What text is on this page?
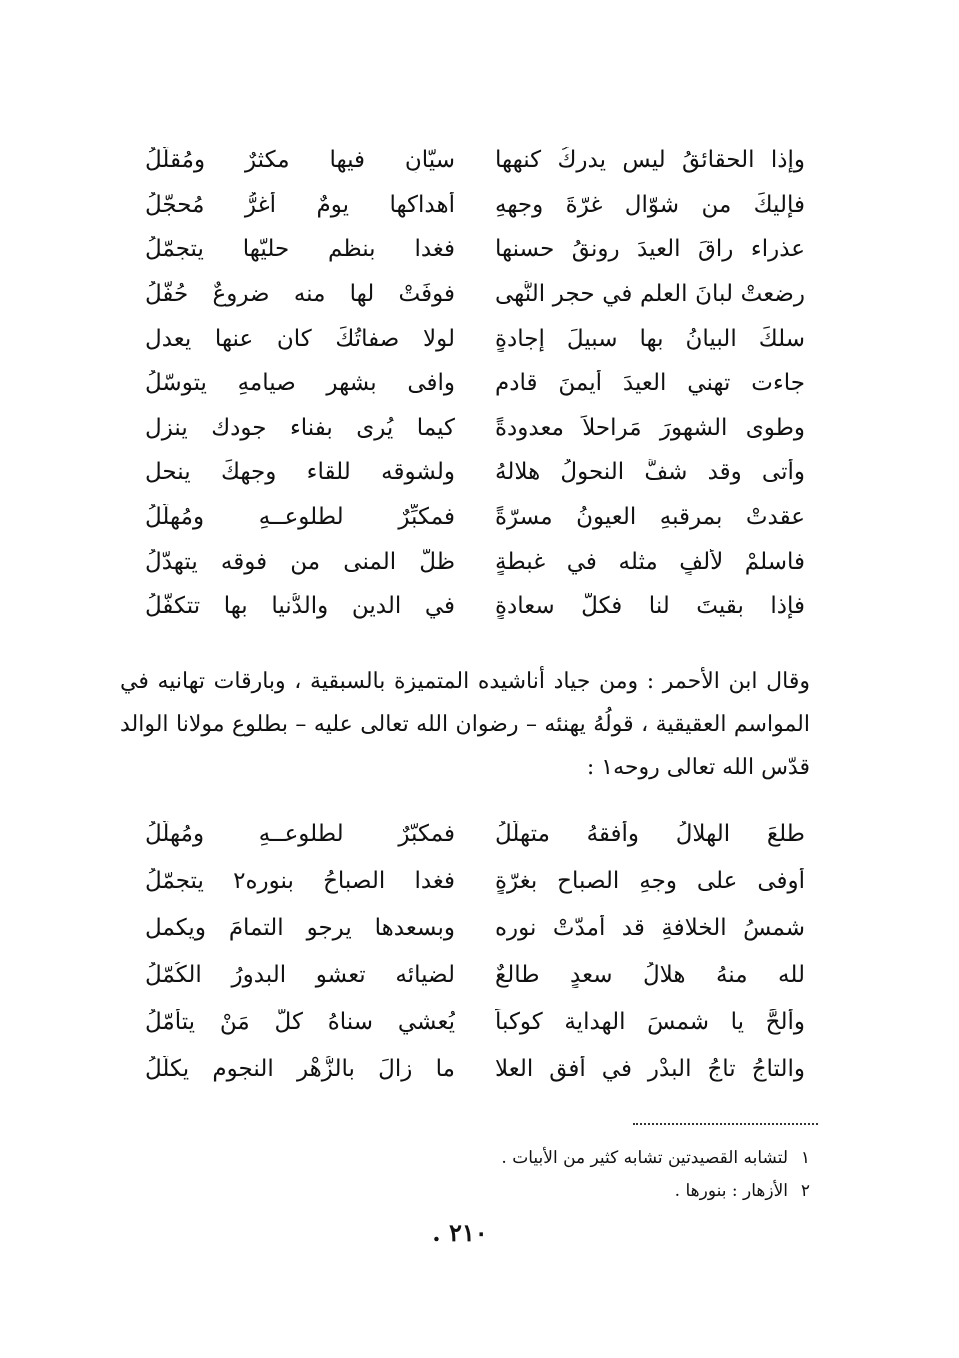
وإذا الحقائقُ ليس يدركُ كنهها
سيّانِ فيها مكثرٌ ومُقلّلُ
فإليكَ من شوّال غرّةَ وجههِ
أهداكها يومٌ أغرُّ مُحجّلُ
عذراء راقَ العيدَ رونقُ حسنها
فغدا بنظمِ حليّها يتجمّلُ
رضعتْ لبانَ العلم في حجر النُّهى
فوفَتْ لها منه ضروعٌ حُفّلُ
سلكَ البيانُ بها سبيلَ إجادةٍ
لولا صفاتُكَ كان عنها يعدل
جاءت تهني العيدَ أيمنَ قادمٍ
وافى بشهرِ صيامهِ يتوسّلُ
وطوى الشهورَ مَراحلاً معدودةً
كيما يُرى بفناء جودك ينزل
وأتى وقد شفَّ النحولُ هلالهُ
ولشوقه للقاء وجهكَ ينحل
عقدتْ بمرقبهِ العيونُ مسرّةً
فمكبِّرٌ لطلوعــهِ ومُهلّلُ
فاسلمْ لألفٍ مثله في غبطةٍ
ظلّ المنى من فوقه يتهدّلُ
فإذا بقيتَ لنا فكلٌّ سعادةٍ
في الدينِ والدُّنيا بها تتكفّلُ
وقال ابن الأحمر : ومن جياد أناشيده المتميزة بالسبقية ، وبارقات تهانيه في
المواسم العقيقية ، قولُهُ يهنئه – رضوان الله تعالى عليه – بطلوع مولانا الوالد
قدّس الله تعالى روحه١ :
طلعَ الهلالُ وأُفقهُ متهلّلُ
فمكبّرٌ لطلوعــهِ ومُهلّلُ
أوفى على وجهِ الصباحِ بغرّةٍ
فغدا الصباحُ بنوره٢ يتجمّلُ
شمسُ الخلافةِ قد أمدّتْ نوره
وبسعدها يرجو التمامَ ويكمل
لله منهُ هلالُ سعدٍ طالعٌ
لضيائه تعشو البدورُ الكُمّلُ
وألحَّ يا شمسَ الهداية كوكباً
يُعشي سناهُ كلَّ مَنْ يتأمّلُ
والتاجُ تاجُ البدْرِ في أُفقِ العلا
ما زالَ بالزُّهْرِ النجومِ يكلّلُ
١
لتشابه القصيدتين تشابه كثير من الأبيات .
٢
الأزهار : بنورها .
٢١٠ .
